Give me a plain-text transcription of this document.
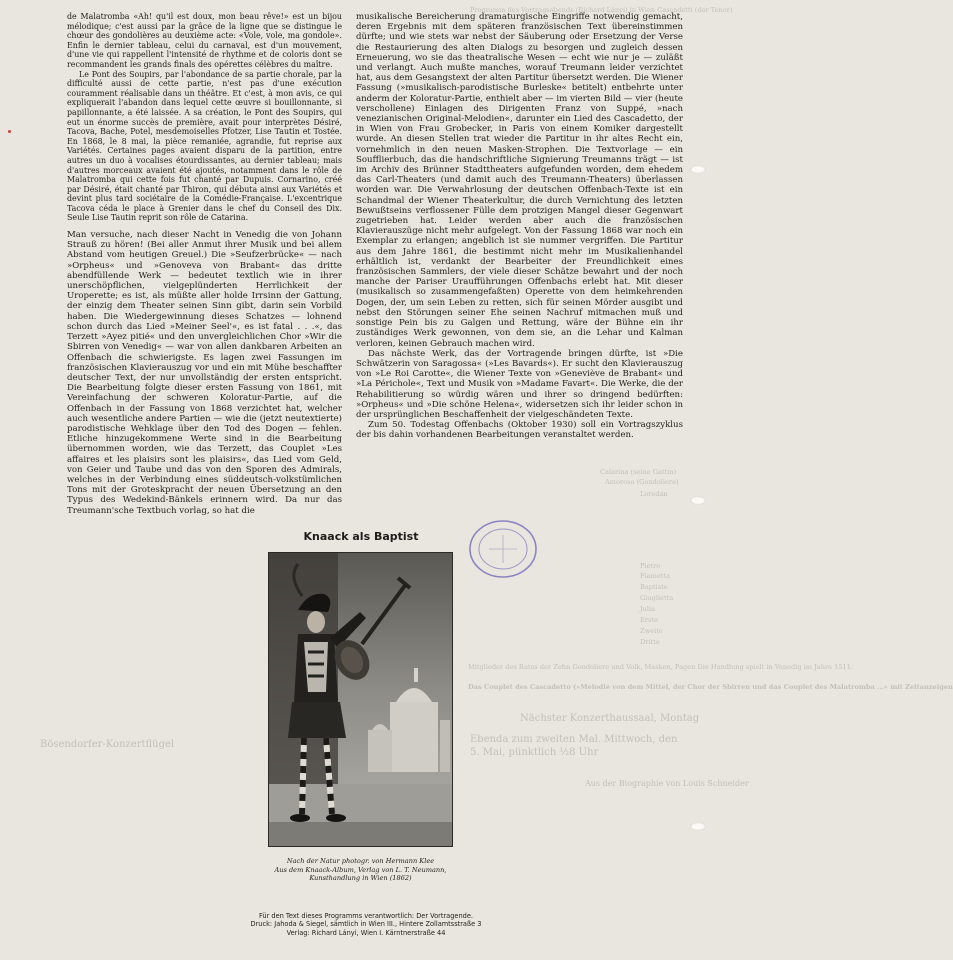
Programm des Vortragsabends (Richard Lányi) in Wien Cascadetti (der Tenor)
Calarina (seine Gattin)
Amoroso (Gondoliere)
Loredan
Pietro
Fiametta
Baptiste
Giuglietta
Julia
Erste
Zweite
Dritte
Mitglieder des Rates der Zehn Gondoliere und Volk, Masken, Pagen Die Handlung spielt in Venedig im Jahre 1511.
Das Couplet des Cascadetto (»Melodie von dem Mittel, der Chor der Sbirren und das Couplet des Malatromba ...« mit Zeitanzeigen
Bösendorfer-Konzertflügel
Nächster Konzerthaussaal, Montag
Ebenda zum zweiten Mal. Mittwoch, den
5. Mai, pünktlich ½8 Uhr
Aus der Biographie von Louis Schneider

de Malatromba «Ah! qu'il est doux, mon beau rêve!» est un bijou mélodique; c'est aussi par la grâce de la ligne que se distingue le chœur des gondolières au deuxième acte: «Vole, vole, ma gondole». Enfin le dernier tableau, celui du carnaval, est d'un mouvement, d'une vie qui rappellent l'intensité de rhythme et de coloris dont se recommandent les grands finals des opérettes célèbres du maître.

Le Pont des Soupirs, par l'abondance de sa partie chorale, par la difficulté aussi de cette partie, n'est pas d'une exécution couramment réalisable dans un théâtre. Et c'est, à mon avis, ce qui expliquerait l'abandon dans lequel cette œuvre si bouillonnante, si papillonnante, a été laissée. A sa création, le Pont des Soupirs, qui eut un énorme succès de première, avait pour interprètes Désiré, Tacova, Bache, Potel, mesdemoiselles Pfotzer, Lise Tautin et Tostée. En 1868, le 8 mai, la pièce remaniée, agrandie, fut reprise aux Variétés. Certaines pages avaient disparu de la partition, entre autres un duo à vocalises étourdissantes, au dernier tableau; mais d'autres morceaux avaient été ajoutés, notamment dans le rôle de Malatromba qui cette fois fut chanté par Dupuis. Cornarino, créé par Désiré, était chanté par Thiron, qui débuta ainsi aux Variétés et devint plus tard sociétaire de la Comédie-Française. L'excentrique Tacova céda le place à Grenier dans le chef du Conseil des Dix. Seule Lise Tautin reprit son rôle de Catarina.

Man versuche, nach dieser Nacht in Venedig die von Johann Strauß zu hören! (Bei aller Anmut ihrer Musik und bei allem Abstand vom heutigen Greuel.) Die »Seufzerbrücke« — nach »Orpheus« und »Genoveva von Brabant« das dritte abendfüllende Werk — bedeutet textlich wie in ihrer unerschöpflichen, vielgeplünderten Herrlichkeit der Uroperette; es ist, als müßte aller holde Irrsinn der Gattung, der einzig dem Theater seinen Sinn gibt, darin sein Vorbild haben. Die Wiedergewinnung dieses Schatzes — lohnend schon durch das Lied »Meiner Seel'«, es ist fatal . . .«, das Terzett »Ayez pitié« und den unvergleichlichen Chor »Wir die Sbirren von Venedig« — war von allen dankbaren Arbeiten an Offenbach die schwierigste. Es lagen zwei Fassungen im französischen Klavierauszug vor und ein mit Mühe beschaffter deutscher Text, der nur unvollständig der ersten entspricht. Die Bearbeitung folgte dieser ersten Fassung von 1861, mit Vereinfachung der schweren Koloratur-Partie, auf die Offenbach in der Fassung von 1868 verzichtet hat, welcher auch wesentliche andere Partien — wie die (jetzt neutextierte) parodistische Wehklage über den Tod des Dogen — fehlen. Etliche hinzugekommene Werte sind in die Bearbeitung übernommen worden, wie das Terzett, das Couplet »Les affaires et les plaisirs sont les plaisirs«, das Lied vom Geld, von Geier und Taube und das von den Sporen des Admirals, welches in der Verbindung eines süddeutsch-volkstümlichen Tons mit der Groteskpracht der neuen Übersetzung an den Typus des Wedekind-Bänkels erinnern wird. Da nur das Treumann'sche Textbuch vorlag, so hat die

musikalische Bereicherung dramaturgische Eingriffe notwendig gemacht, deren Ergebnis mit dem späteren französischen Text übereinstimmen dürfte; und wie stets war nebst der Säuberung oder Ersetzung der Verse die Restaurierung des alten Dialogs zu besorgen und zugleich dessen Erneuerung, wo sie das theatralische Wesen — echt wie nur je — zuläßt und verlangt. Auch mußte manches, worauf Treumann leider verzichtet hat, aus dem Gesangstext der alten Partitur übersetzt werden. Die Wiener Fassung (»musikalisch-parodistische Burleske« betitelt) entbehrte unter anderm der Koloratur-Partie, enthielt aber — im vierten Bild — vier (heute verschollene) Einlagen des Dirigenten Franz von Suppé, »nach venezianischen Original-Melodien«, darunter ein Lied des Cascadetto, der in Wien von Frau Grobecker, in Paris von einem Komiker dargestellt wurde. An diesen Stellen trat wieder die Partitur in ihr altes Recht ein, vornehmlich in den neuen Masken-Strophen. Die Textvorlage — ein Soufflierbuch, das die handschriftliche Signierung Treumanns trägt — ist im Archiv des Brünner Stadttheaters aufgefunden worden, dem ehedem das Carl-Theaters (und damit auch des Treumann-Theaters) überlassen worden war. Die Verwahrlosung der deutschen Offenbach-Texte ist ein Schandmal der Wiener Theaterkultur, die durch Vernichtung des letzten Bewußtseins verflossener Fülle dem protzigen Mangel dieser Gegenwart zugetrieben hat. Leider werden aber auch die französischen Klavierauszüge nicht mehr aufgelegt. Von der Fassung 1868 war noch ein Exemplar zu erlangen; angeblich ist sie nummer vergriffen. Die Partitur aus dem Jahre 1861, die bestimmt nicht mehr im Musikalienhandel erhältlich ist, verdankt der Bearbeiter der Freundlichkeit eines französischen Sammlers, der viele dieser Schätze bewahrt und der noch manche der Pariser Uraufführungen Offenbachs erlebt hat. Mit dieser (musikalisch so zusammengefaßten) Operette von dem heimkehrenden Dogen, der, um sein Leben zu retten, sich für seinen Mörder ausgibt und nebst den Störungen seiner Ehe seinen Nachruf mitmachen muß und sonstige Pein bis zu Galgen und Rettung, wäre der Bühne ein ihr zuständiges Werk gewonnen, von dem sie, an die Lehar und Kalman verloren, keinen Gebrauch machen wird.

Das nächste Werk, das der Vortragende bringen dürfte, ist »Die Schwätzerin von Saragossa« (»Les Bavards«). Er sucht den Klavierauszug von »Le Roi Carotte«, die Wiener Texte von »Geneviève de Brabant« und »La Périchole«, Text und Musik von »Madame Favart«. Die Werke, die der Rehabilitierung so würdig wären und ihrer so dringend bedürften: »Orpheus« und »Die schöne Helena«, widersetzen sich ihr leider schon in der ursprünglichen Beschaffenheit der vielgeschändeten Texte.

Zum 50. Todestag Offenbachs (Oktober 1930) soll ein Vortragszyklus der bis dahin vorhandenen Bearbeitungen veranstaltet werden.

Knaack als Baptist
Nach der Natur photogr. von Hermann Klee
Aus dem Knaack-Album, Verlag von L. T. Neumann,
Kunsthandlung in Wien (1862)
Für den Text dieses Programms verantwortlich: Der Vortragende.
Druck: Jahoda & Siegel, sämtlich in Wien III., Hintere Zollamtsstraße 3
Verlag: Richard Lányi, Wien I. Kärntnerstraße 44
